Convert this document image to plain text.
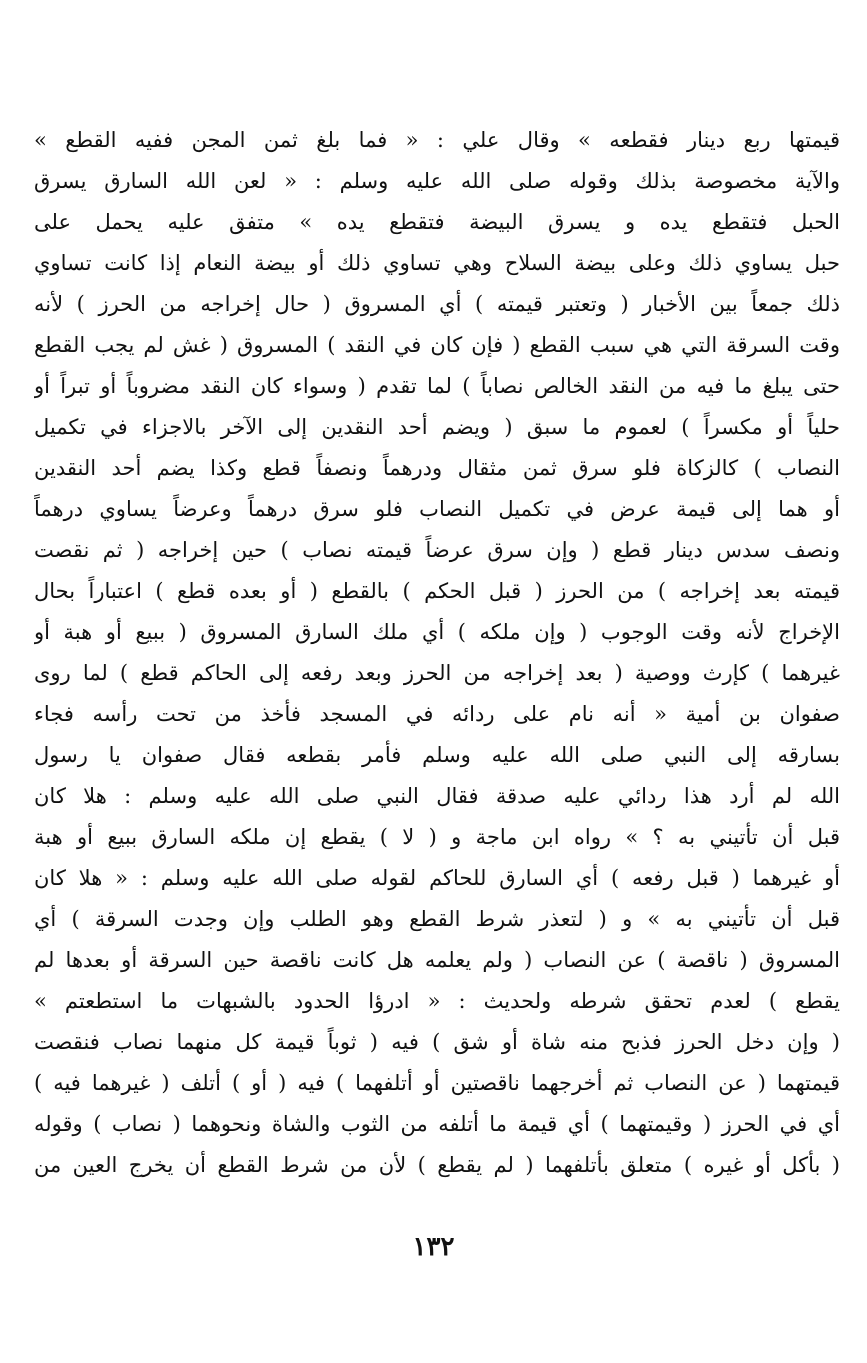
قيمتها ربع دينار فقطعه » وقال علي : « فما بلغ ثمن المجن ففيه القطع »
والآية مخصوصة بذلك وقوله صلى الله عليه وسلم : « لعن الله السارق يسرق
الحبل فتقطع يده و يسرق البيضة فتقطع يده » متفق عليه يحمل على
حبل يساوي ذلك وعلى بيضة السلاح وهي تساوي ذلك أو بيضة النعام إذا كانت تساوي
ذلك جمعاً بين الأخبار ( وتعتبر قيمته ) أي المسروق ( حال إخراجه من الحرز ) لأنه
وقت السرقة التي هي سبب القطع ( فإن كان في النقد ) المسروق ( غش لم يجب القطع
حتى يبلغ ما فيه من النقد الخالص نصاباً ) لما تقدم ( وسواء كان النقد مضروباً أو تبراً أو
حلياً أو مكسراً ) لعموم ما سبق ( ويضم أحد النقدين إلى الآخر بالاجزاء في تكميل
النصاب ) كالزكاة فلو سرق ثمن مثقال ودرهماً ونصفاً قطع وكذا يضم أحد النقدين
أو هما إلى قيمة عرض في تكميل النصاب فلو سرق درهماً وعرضاً يساوي درهماً
ونصف سدس دينار قطع ( وإن سرق عرضاً قيمته نصاب ) حين إخراجه ( ثم نقصت
قيمته بعد إخراجه ) من الحرز ( قبل الحكم ) بالقطع ( أو بعده قطع ) اعتباراً بحال
الإخراج لأنه وقت الوجوب ( وإن ملكه ) أي ملك السارق المسروق ( ببيع أو هبة أو
غيرهما ) كإرث ووصية ( بعد إخراجه من الحرز وبعد رفعه إلى الحاكم قطع ) لما روى
صفوان بن أمية « أنه نام على ردائه في المسجد فأخذ من تحت رأسه فجاء
بسارقه إلى النبي صلى الله عليه وسلم فأمر بقطعه فقال صفوان يا رسول
الله لم أرد هذا ردائي عليه صدقة فقال النبي صلى الله عليه وسلم : هلا كان
قبل أن تأتيني به ؟ » رواه ابن ماجة و ( لا ) يقطع إن ملكه السارق ببيع أو هبة
أو غيرهما ( قبل رفعه ) أي السارق للحاكم لقوله صلى الله عليه وسلم : « هلا كان
قبل أن تأتيني به » و ( لتعذر شرط القطع وهو الطلب وإن وجدت السرقة ) أي
المسروق ( ناقصة ) عن النصاب ( ولم يعلمه هل كانت ناقصة حين السرقة أو بعدها لم
يقطع ) لعدم تحقق شرطه ولحديث : « ادرؤا الحدود بالشبهات ما استطعتم »
( وإن دخل الحرز فذبح منه شاة أو شق ) فيه ( ثوباً قيمة كل منهما نصاب فنقصت
قيمتهما ( عن النصاب ثم أخرجهما ناقصتين أو أتلفهما ) فيه ( أو ) أتلف ( غيرهما فيه )
أي في الحرز ( وقيمتهما ) أي قيمة ما أتلفه من الثوب والشاة ونحوهما ( نصاب ) وقوله
( بأكل أو غيره ) متعلق بأتلفهما ( لم يقطع ) لأن من شرط القطع أن يخرج العين من
١٣٢
